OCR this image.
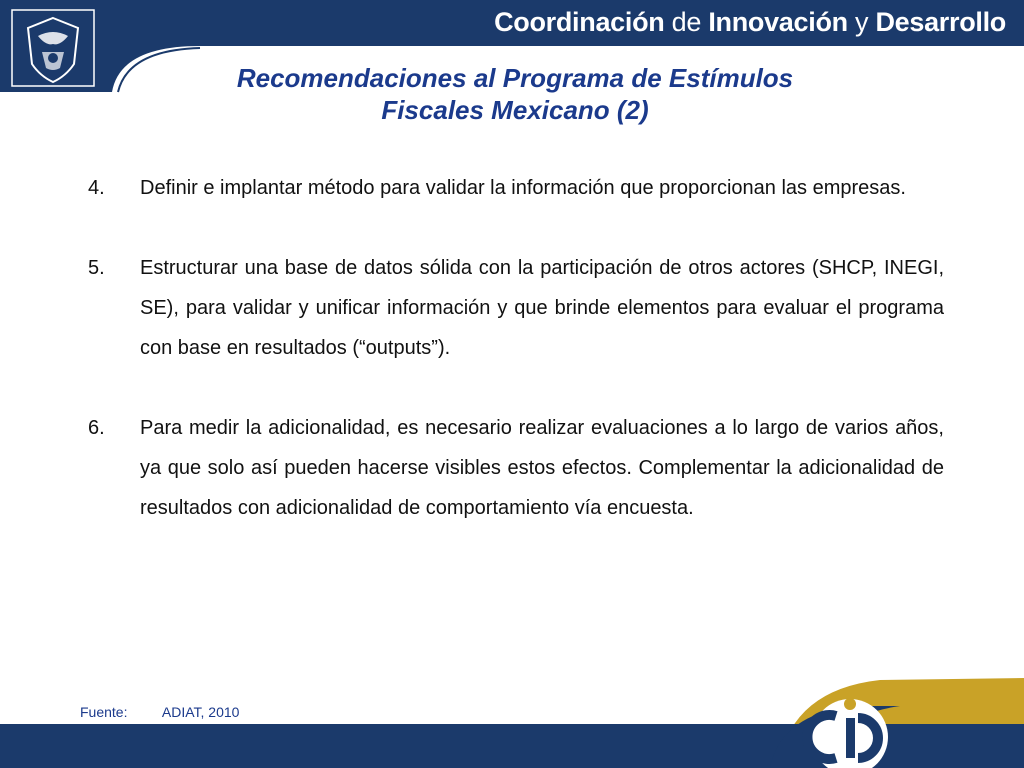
Coordinación de Innovación y Desarrollo
Recomendaciones al Programa de Estímulos
Fiscales Mexicano (2)
4.	Definir e implantar método para validar la información que proporcionan las empresas.
5.	Estructurar una base de datos sólida con la participación de otros actores (SHCP, INEGI, SE), para validar y unificar información y que brinde elementos para evaluar el programa con base en resultados (“outputs”).
6.	Para medir la adicionalidad, es necesario realizar evaluaciones a lo largo de varios años, ya que solo así pueden hacerse visibles estos efectos. Complementar la adicionalidad de resultados con adicionalidad de comportamiento vía encuesta.
Fuente: ADIAT, 2010
